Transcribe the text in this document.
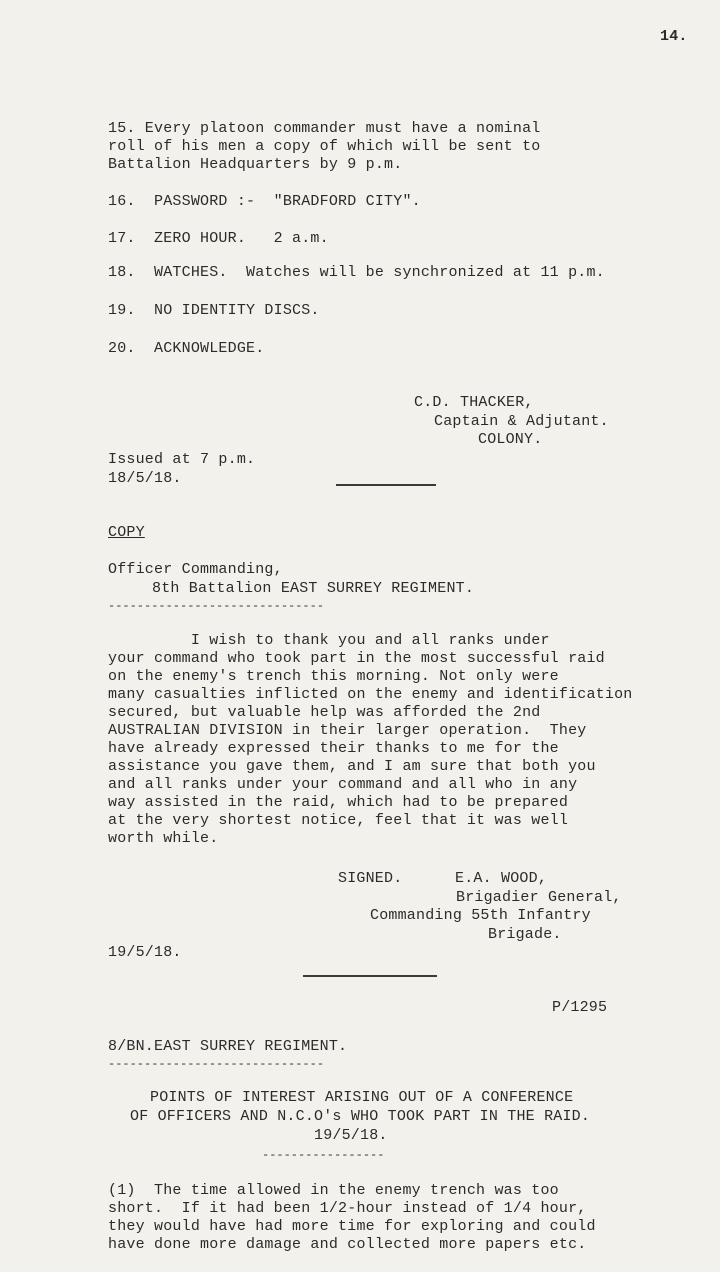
14.
15. Every platoon commander must have a nominal
roll of his men a copy of which will be sent to
Battalion Headquarters by 9 p.m.
16.  PASSWORD :-  "BRADFORD CITY".
17.  ZERO HOUR.   2 a.m.
18.  WATCHES.  Watches will be synchronized at 11 p.m.
19.  NO IDENTITY DISCS.
20.  ACKNOWLEDGE.
C.D. THACKER,
Captain & Adjutant.
COLONY.
Issued at 7 p.m.
18/5/18.
COPY
Officer Commanding,
8th Battalion EAST SURREY REGIMENT.
------------------------------
I wish to thank you and all ranks under
your command who took part in the most successful raid
on the enemy's trench this morning. Not only were
many casualties inflicted on the enemy and identification
secured, but valuable help was afforded the 2nd
AUSTRALIAN DIVISION in their larger operation.  They
have already expressed their thanks to me for the
assistance you gave them, and I am sure that both you
and all ranks under your command and all who in any
way assisted in the raid, which had to be prepared
at the very shortest notice, feel that it was well
worth while.
SIGNED.	E.A. WOOD,
Brigadier General,
Commanding 55th Infantry
Brigade.
19/5/18.
P/1295
8/BN.EAST SURREY REGIMENT.
------------------------------
POINTS OF INTEREST ARISING OUT OF A CONFERENCE
OF OFFICERS AND N.C.O's WHO TOOK PART IN THE RAID.
19/5/18.
-----------------
(1)  The time allowed in the enemy trench was too
short.  If it had been 1/2-hour instead of 1/4 hour,
they would have had more time for exploring and could
have done more damage and collected more papers etc.
